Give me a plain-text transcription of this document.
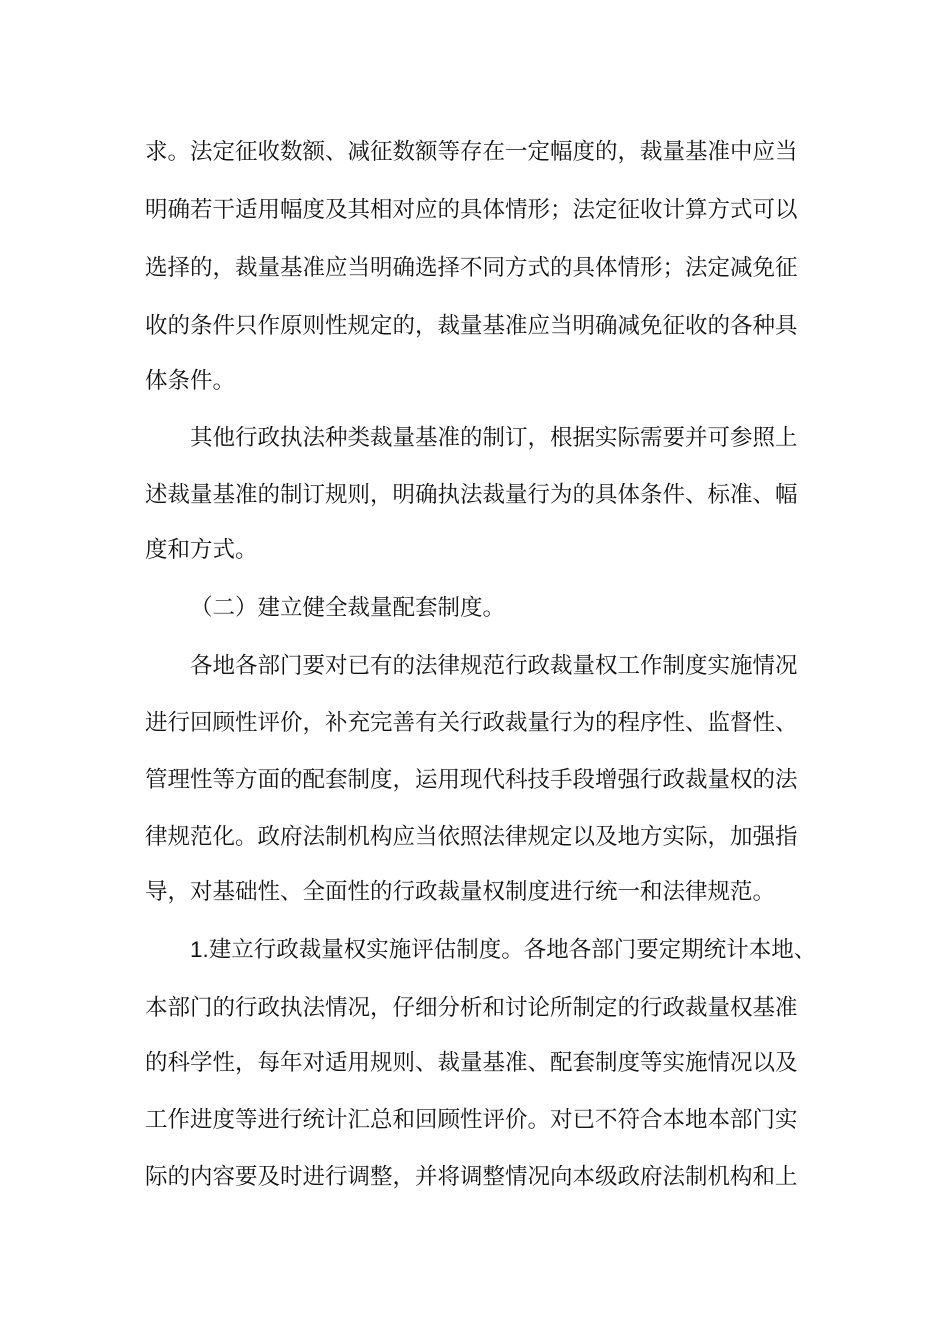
求。法定征收数额、减征数额等存在一定幅度的，裁量基准中应当
明确若干适用幅度及其相对应的具体情形；法定征收计算方式可以
选择的，裁量基准应当明确选择不同方式的具体情形；法定减免征
收的条件只作原则性规定的，裁量基准应当明确减免征收的各种具
体条件。
其他行政执法种类裁量基准的制订，根据实际需要并可参照上
述裁量基准的制订规则，明确执法裁量行为的具体条件、标准、幅
度和方式。
（二）建立健全裁量配套制度。
各地各部门要对已有的法律规范行政裁量权工作制度实施情况
进行回顾性评价，补充完善有关行政裁量行为的程序性、监督性、
管理性等方面的配套制度，运用现代科技手段增强行政裁量权的法
律规范化。政府法制机构应当依照法律规定以及地方实际，加强指
导，对基础性、全面性的行政裁量权制度进行统一和法律规范。
1.建立行政裁量权实施评估制度。各地各部门要定期统计本地、
本部门的行政执法情况，仔细分析和讨论所制定的行政裁量权基准
的科学性，每年对适用规则、裁量基准、配套制度等实施情况以及
工作进度等进行统计汇总和回顾性评价。对已不符合本地本部门实
际的内容要及时进行调整，并将调整情况向本级政府法制机构和上
